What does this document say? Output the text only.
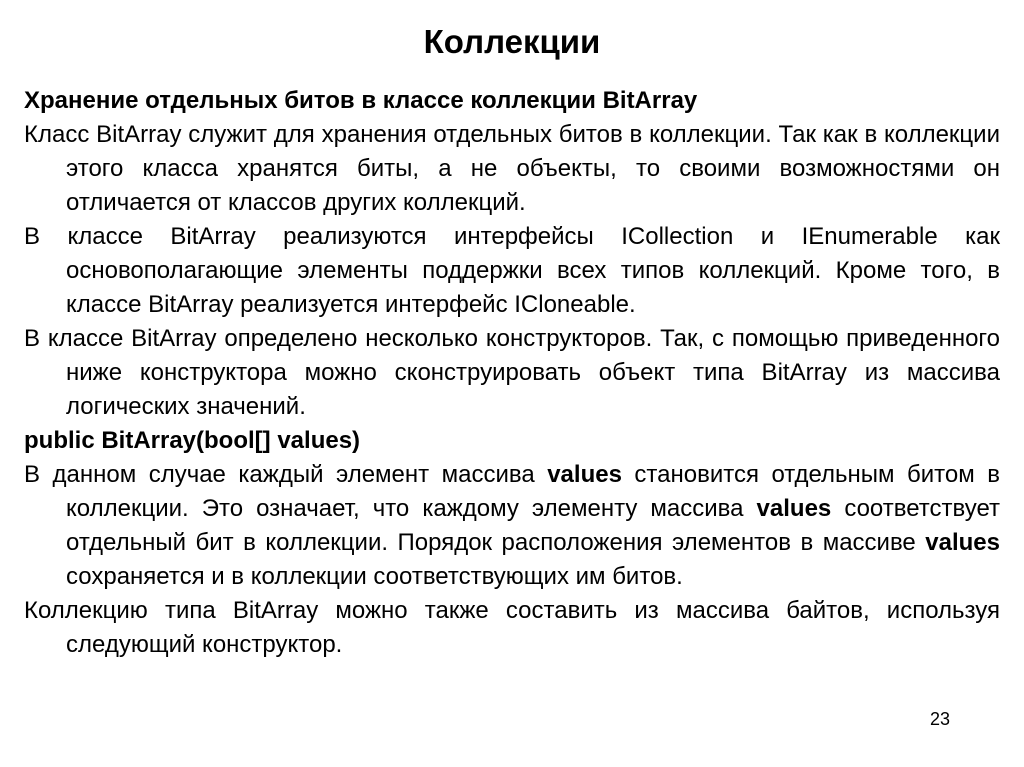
Коллекции

Хранение отдельных битов в классе коллекции BitArray

Класс BitArray служит для хранения отдельных битов в коллекции. Так как в коллекции этого класса хранятся биты, а не объекты, то своими возможностями он отличается от классов других коллекций.

В классе BitArray реализуются интерфейсы ICollection и IEnumerable как основополагающие элементы поддержки всех типов коллекций. Кроме того, в классе BitArray реализуется интерфейс ICloneable.

В классе BitArray определено несколько конструкторов. Так, с помощью приведенного ниже конструктора можно сконструировать объект типа BitArray из массива логических значений.

public BitArray(bool[] values)

В данном случае каждый элемент массива values становится отдельным битом в коллекции. Это означает, что каждому элементу массива values соответствует отдельный бит в коллекции. Порядок расположения элементов в массиве values сохраняется и в коллекции соответствующих им битов.

Коллекцию типа BitArray можно также составить из массива байтов, используя следующий конструктор.

23
